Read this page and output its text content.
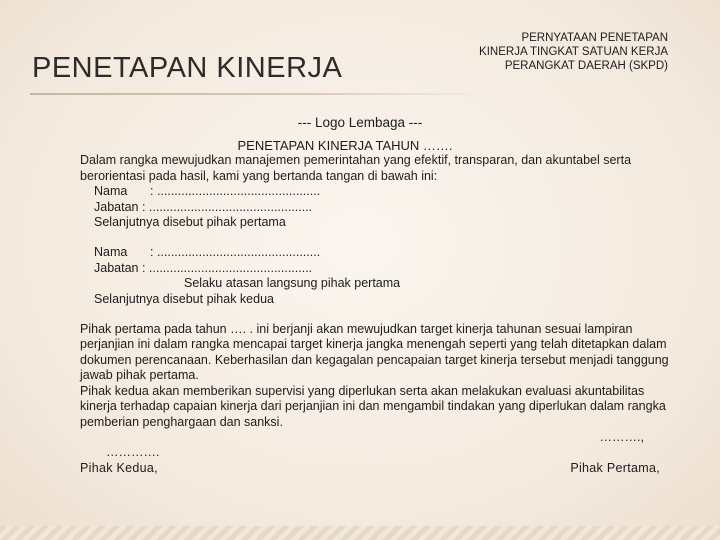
PENETAPAN KINERJA

PERNYATAAN PENETAPAN KINERJA TINGKAT SATUAN KERJA PERANGKAT DAERAH (SKPD)

--- Logo Lembaga ---

PENETAPAN KINERJA TAHUN …….

Dalam rangka mewujudkan manajemen pemerintahan yang efektif, transparan, dan akuntabel serta berorientasi pada hasil, kami yang bertanda tangan di bawah ini:

Nama : ...............................................

Jabatan : ...............................................

Selanjutnya disebut pihak pertama

Nama : ...............................................

Jabatan : ...............................................

Selaku atasan langsung pihak pertama

Selanjutnya disebut pihak kedua

Pihak pertama pada tahun …. . ini berjanji akan mewujudkan target kinerja tahunan sesuai lampiran perjanjian ini dalam rangka mencapai target kinerja jangka menengah seperti yang telah ditetapkan dalam dokumen perencanaan. Keberhasilan dan kegagalan pencapaian target kinerja tersebut menjadi tanggung jawab pihak pertama.

Pihak kedua akan memberikan supervisi yang diperlukan serta akan melakukan evaluasi akuntabilitas kinerja terhadap capaian kinerja dari perjanjian ini dan mengambil tindakan yang diperlukan dalam rangka pemberian penghargaan dan sanksi.

……….,

………….

Pihak Kedua,	Pihak Pertama,
